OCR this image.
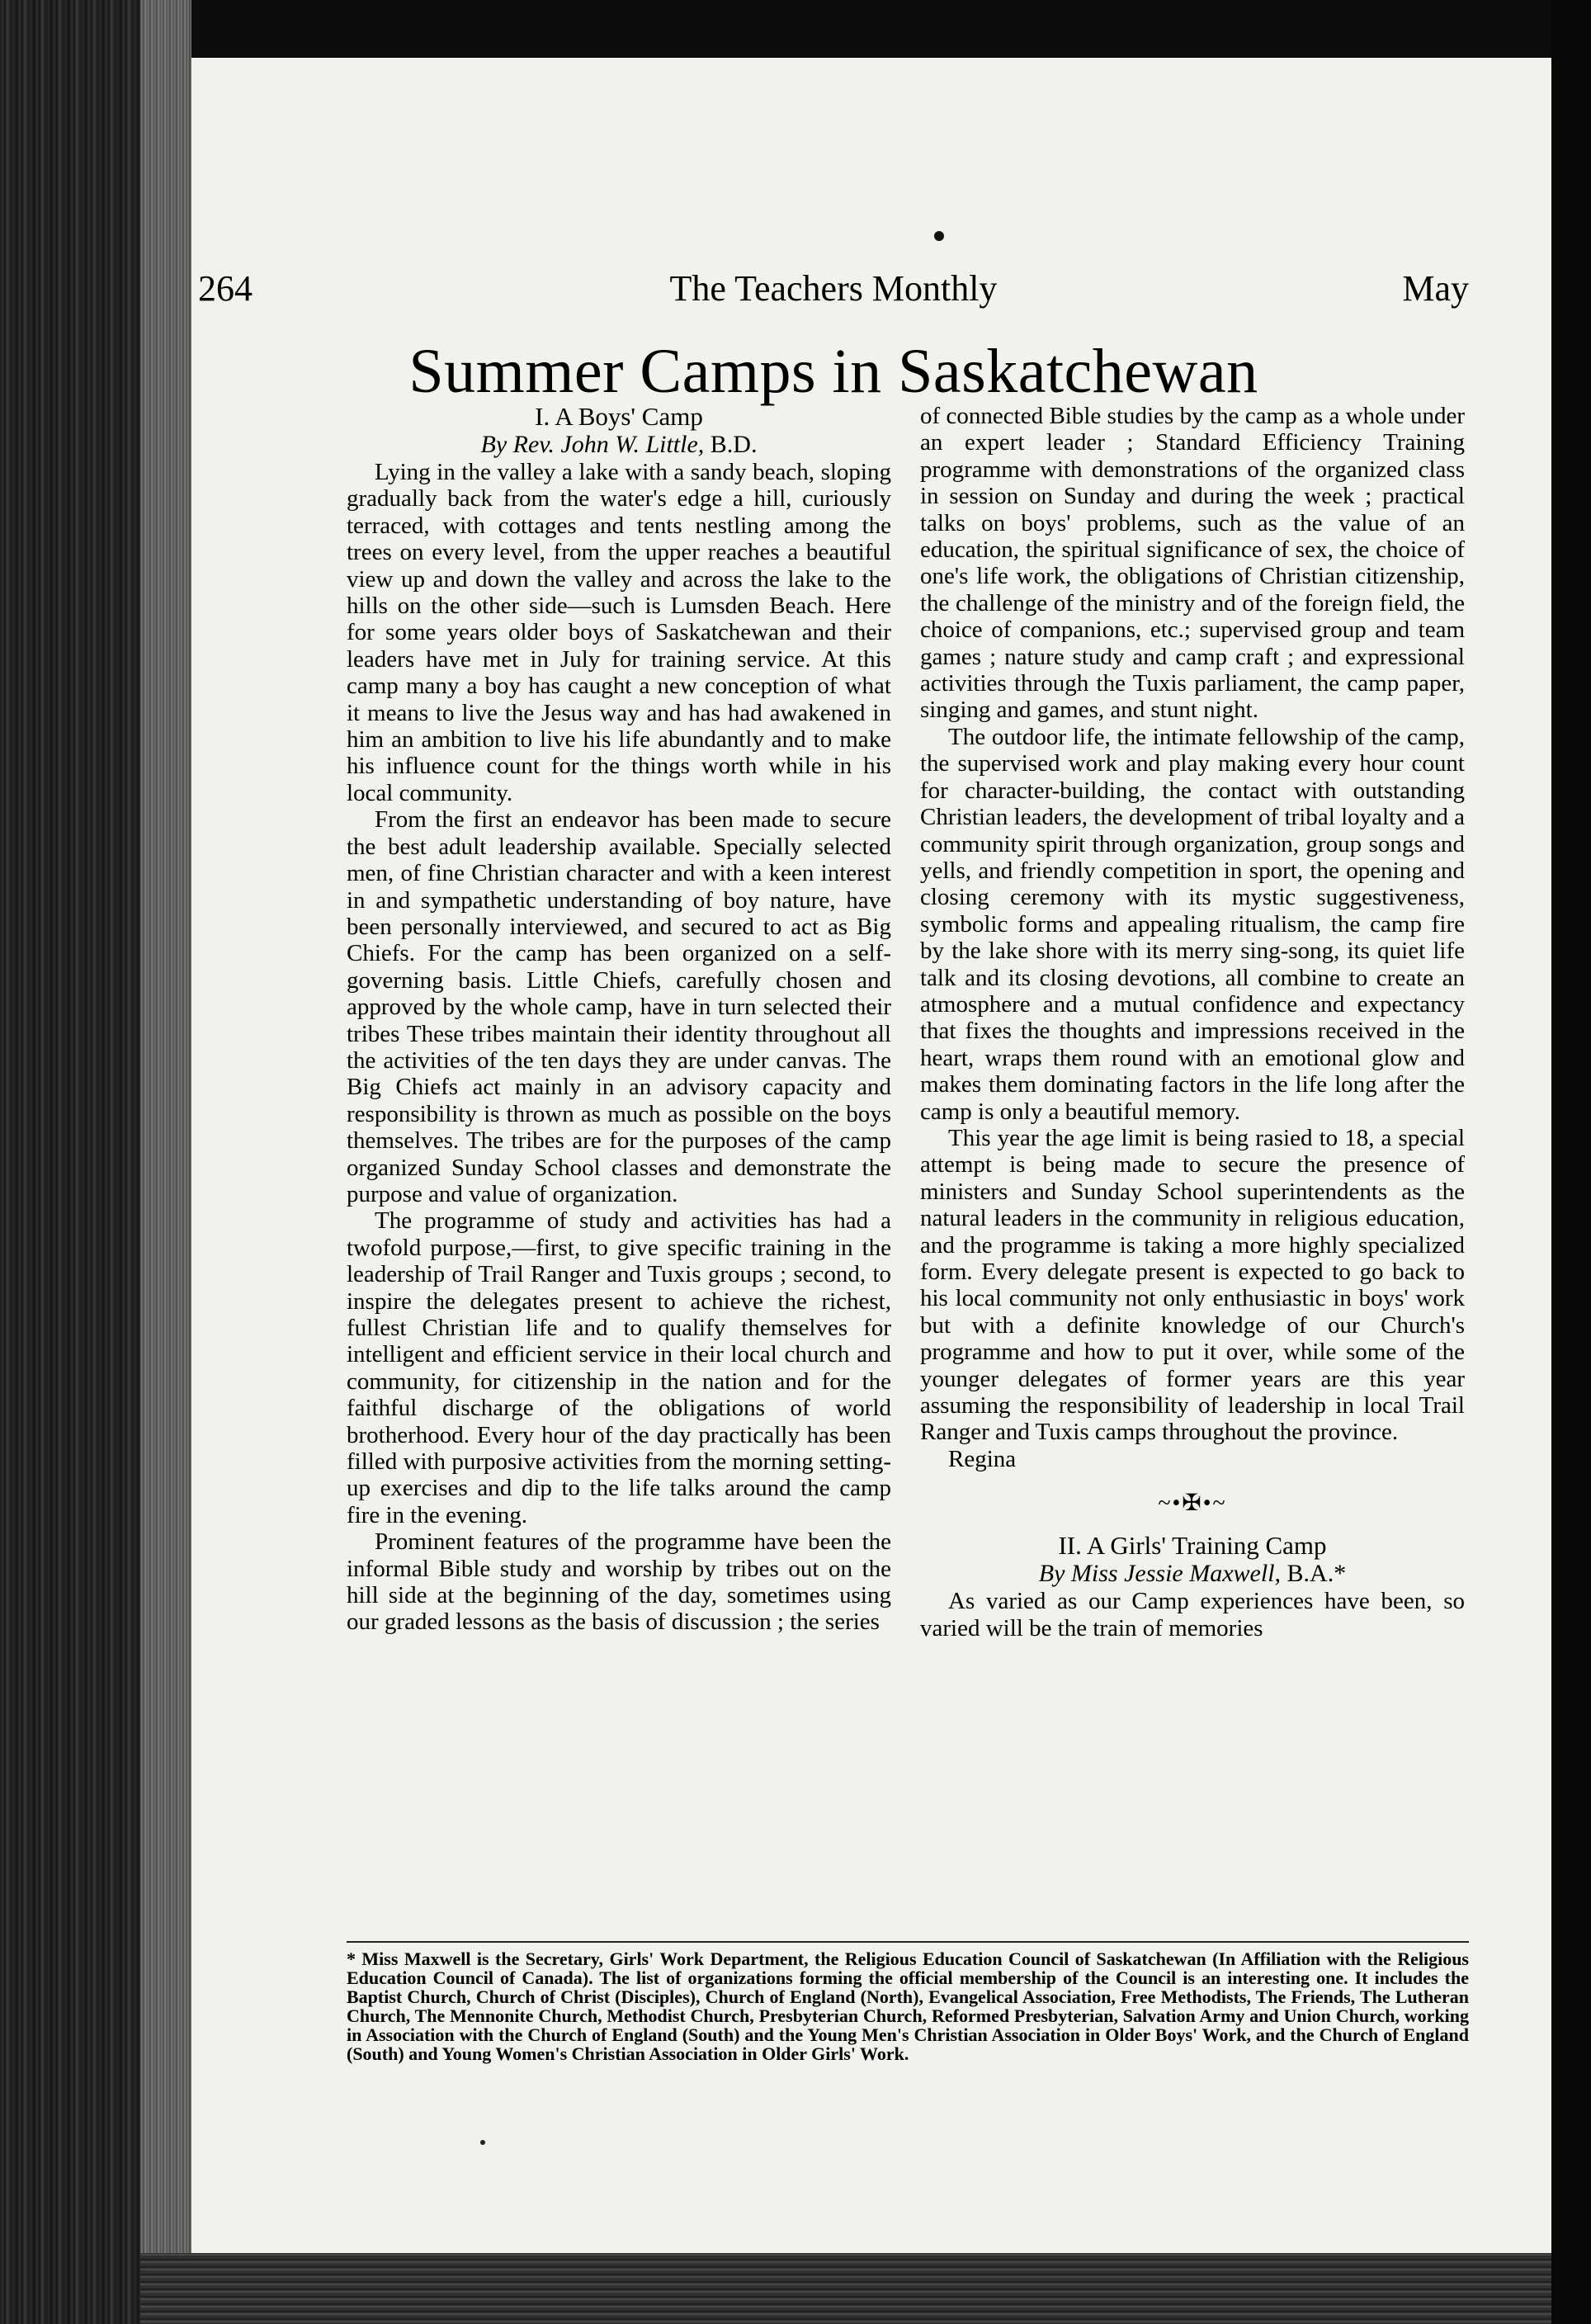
264	The Teachers Monthly	May
Summer Camps in Saskatchewan

I. A Boys' Camp

By Rev. John W. Little, B.D.

Lying in the valley a lake with a sandy beach, sloping gradually back from the water's edge a hill, curiously terraced, with cottages and tents nestling among the trees on every level, from the upper reaches a beautiful view up and down the valley and across the lake to the hills on the other side—such is Lumsden Beach. Here for some years older boys of Saskatchewan and their leaders have met in July for training service. At this camp many a boy has caught a new conception of what it means to live the Jesus way and has had awakened in him an ambition to live his life abundantly and to make his influence count for the things worth while in his local community.

From the first an endeavor has been made to secure the best adult leadership available. Specially selected men, of fine Christian character and with a keen interest in and sympathetic understanding of boy nature, have been personally interviewed, and secured to act as Big Chiefs. For the camp has been organized on a self-governing basis. Little Chiefs, carefully chosen and approved by the whole camp, have in turn selected their tribes These tribes maintain their identity throughout all the activities of the ten days they are under canvas. The Big Chiefs act mainly in an advisory capacity and responsibility is thrown as much as possible on the boys themselves. The tribes are for the purposes of the camp organized Sunday School classes and demonstrate the purpose and value of organization.

The programme of study and activities has had a twofold purpose,—first, to give specific training in the leadership of Trail Ranger and Tuxis groups ; second, to inspire the delegates present to achieve the richest, fullest Christian life and to qualify themselves for intelligent and efficient service in their local church and community, for citizenship in the nation and for the faithful discharge of the obligations of world brotherhood. Every hour of the day practically has been filled with purposive activities from the morning setting-up exercises and dip to the life talks around the camp fire in the evening.

Prominent features of the programme have been the informal Bible study and worship by tribes out on the hill side at the beginning of the day, sometimes using our graded lessons as the basis of discussion ; the series

of connected Bible studies by the camp as a whole under an expert leader ; Standard Efficiency Training programme with demonstrations of the organized class in session on Sunday and during the week ; practical talks on boys' problems, such as the value of an education, the spiritual significance of sex, the choice of one's life work, the obligations of Christian citizenship, the challenge of the ministry and of the foreign field, the choice of companions, etc.; supervised group and team games ; nature study and camp craft ; and expressional activities through the Tuxis parliament, the camp paper, singing and games, and stunt night.

The outdoor life, the intimate fellowship of the camp, the supervised work and play making every hour count for character-building, the contact with outstanding Christian leaders, the development of tribal loyalty and a community spirit through organization, group songs and yells, and friendly competition in sport, the opening and closing ceremony with its mystic suggestiveness, symbolic forms and appealing ritualism, the camp fire by the lake shore with its merry sing-song, its quiet life talk and its closing devotions, all combine to create an atmosphere and a mutual confidence and expectancy that fixes the thoughts and impressions received in the heart, wraps them round with an emotional glow and makes them dominating factors in the life long after the camp is only a beautiful memory.

This year the age limit is being rasied to 18, a special attempt is being made to secure the presence of ministers and Sunday School superintendents as the natural leaders in the community in religious education, and the programme is taking a more highly specialized form. Every delegate present is expected to go back to his local community not only enthusiastic in boys' work but with a definite knowledge of our Church's programme and how to put it over, while some of the younger delegates of former years are this year assuming the responsibility of leadership in local Trail Ranger and Tuxis camps throughout the province.

Regina

~•✠•~

II. A Girls' Training Camp

By Miss Jessie Maxwell, B.A.*

As varied as our Camp experiences have been, so varied will be the train of memories

* Miss Maxwell is the Secretary, Girls' Work Department, the Religious Education Council of Saskatchewan (In Affiliation with the Religious Education Council of Canada). The list of organizations forming the official membership of the Council is an interesting one. It includes the Baptist Church, Church of Christ (Disciples), Church of England (North), Evangelical Association, Free Methodists, The Friends, The Lutheran Church, The Mennonite Church, Methodist Church, Presbyterian Church, Reformed Presbyterian, Salvation Army and Union Church, working in Association with the Church of England (South) and the Young Men's Christian Association in Older Boys' Work, and the Church of England (South) and Young Women's Christian Association in Older Girls' Work.
